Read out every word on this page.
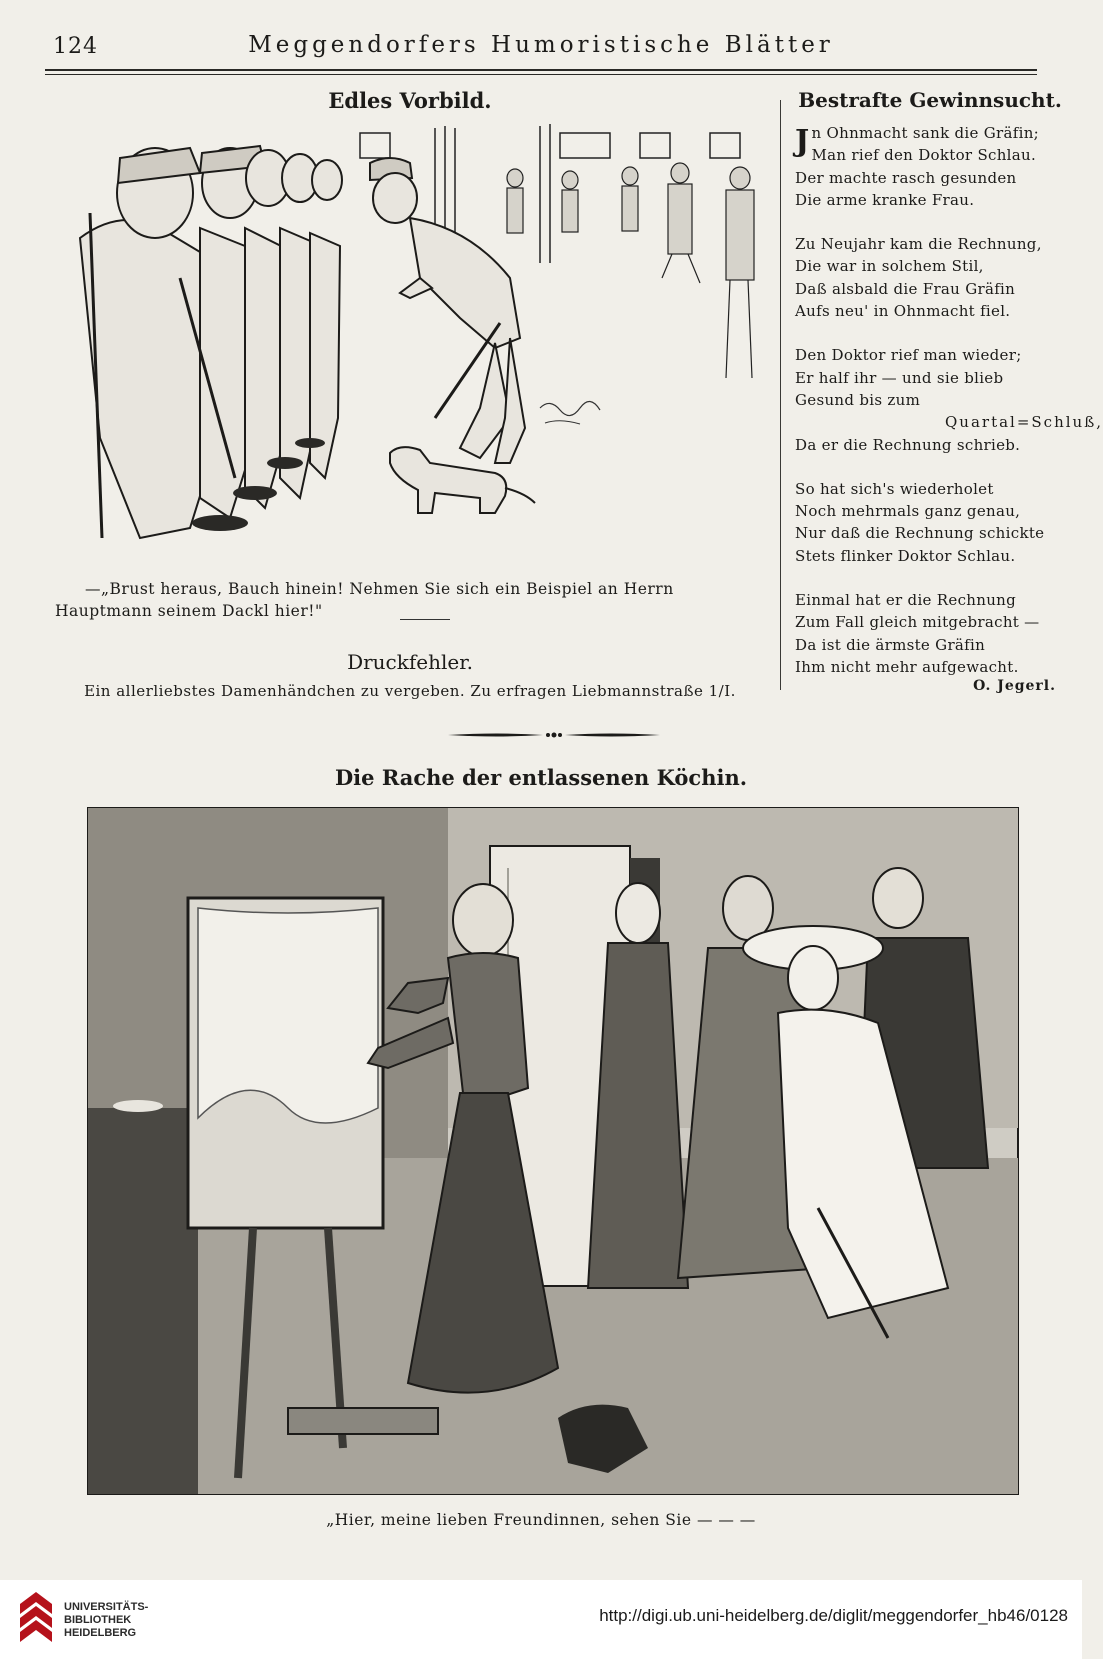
124	Meggendorfers Humoristische Blätter
Edles Vorbild.
—„Brust heraus, Bauch hinein! Nehmen Sie sich ein Beispiel an Herrn Hauptmann seinem Dackl hier!"
Druckfehler.
Ein allerliebstes Damenhändchen zu vergeben. Zu erfragen Liebmannstraße 1/I.
Bestrafte Gewinnsucht.
J n Ohnmacht sank die Gräfin;
Man rief den Doktor Schlau.
Der machte rasch gesunden
Die arme kranke Frau.
Zu Neujahr kam die Rechnung,
Die war in solchem Stil,
Daß alsbald die Frau Gräfin
Aufs neu' in Ohnmacht fiel.
Den Doktor rief man wieder;
Er half ihr — und sie blieb
Gesund bis zum
Quartal=Schluß,
Da er die Rechnung schrieb.
So hat sich's wiederholet
Noch mehrmals ganz genau,
Nur daß die Rechnung schickte
Stets flinker Doktor Schlau.
Einmal hat er die Rechnung
Zum Fall gleich mitgebracht —
Da ist die ärmste Gräfin
Ihm nicht mehr aufgewacht.
O. Jegerl.
Die Rache der entlassenen Köchin.
„Hier, meine lieben Freundinnen, sehen Sie — — —
UNIVERSITÄTS-
BIBLIOTHEK
HEIDELBERG
http://digi.ub.uni-heidelberg.de/diglit/meggendorfer_hb46/0128
